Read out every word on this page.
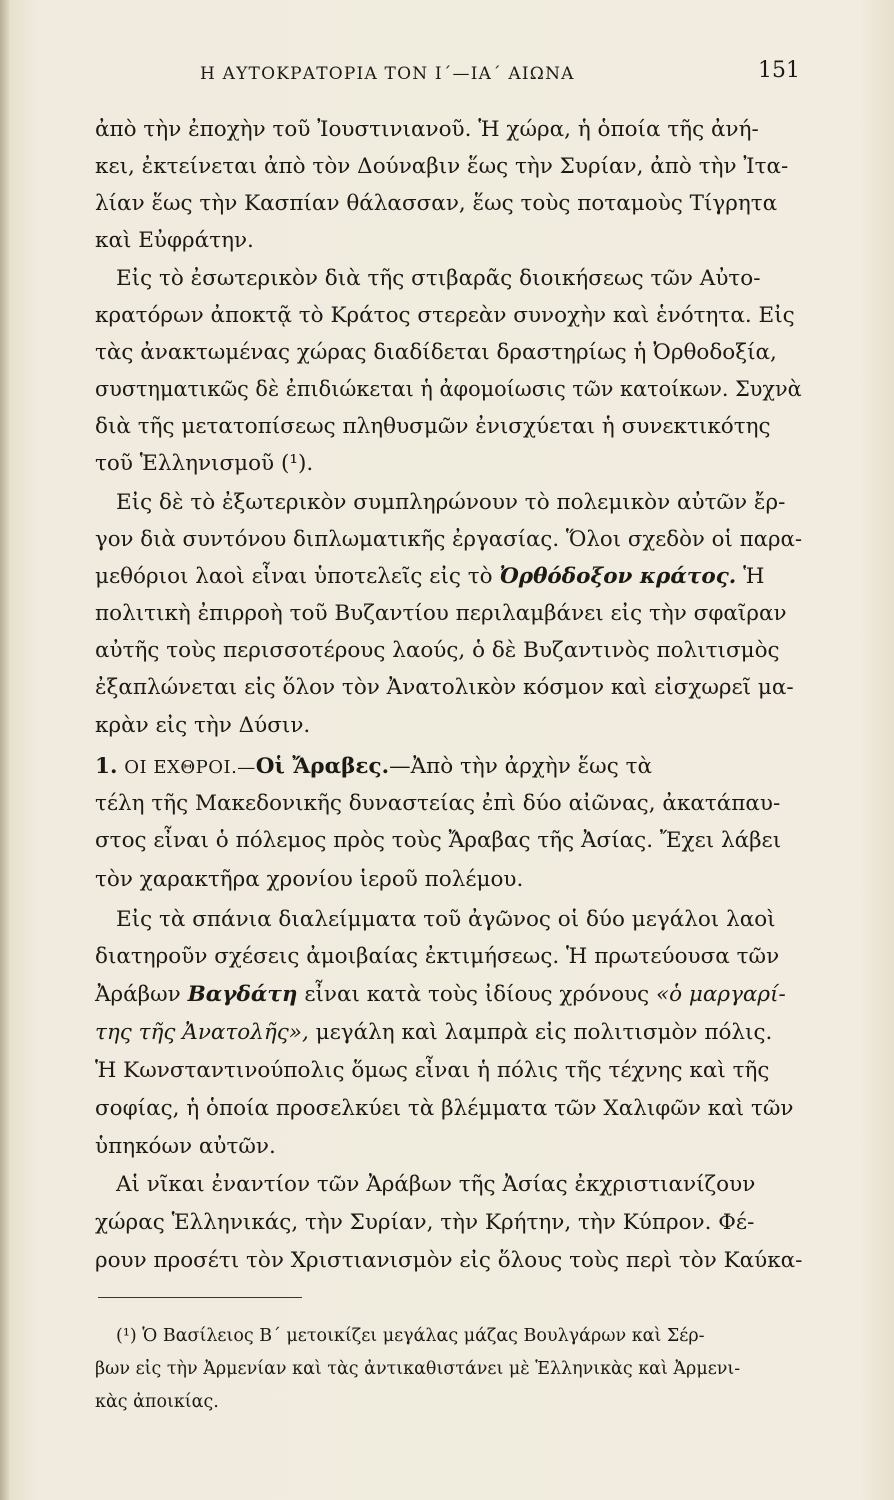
Η ΑΥΤΟΚΡΑΤΟΡΙΑ ΤΟΝ Ι΄—ΙΑ΄ ΑΙΩΝΑ	151
ἀπὸ τὴν ἐποχὴν τοῦ Ἰουστινιανοῦ. Ἡ χώρα, ἡ ὁποία τῆς ἀνή-
κει, ἐκτείνεται ἀπὸ τὸν Δούναβιν ἕως τὴν Συρίαν, ἀπὸ τὴν Ἰτα-
λίαν ἕως τὴν Κασπίαν θάλασσαν, ἕως τοὺς ποταμοὺς Τίγρητα
καὶ Εὐφράτην.
Εἰς τὸ ἐσωτερικὸν διὰ τῆς στιβαρᾶς διοικήσεως τῶν Αὐτο-
κρατόρων ἀποκτᾷ τὸ Κράτος στερεὰν συνοχὴν καὶ ἑνότητα. Εἰς
τὰς ἀνακτωμένας χώρας διαδίδεται δραστηρίως ἡ Ὀρθοδοξία,
συστηματικῶς δὲ ἐπιδιώκεται ἡ ἀφομοίωσις τῶν κατοίκων. Συχνὰ
διὰ τῆς μετατοπίσεως πληθυσμῶν ἐνισχύεται ἡ συνεκτικότης
τοῦ Ἑλληνισμοῦ (¹).
Εἰς δὲ τὸ ἐξωτερικὸν συμπληρώνουν τὸ πολεμικὸν αὐτῶν ἔρ-
γον διὰ συντόνου διπλωματικῆς ἐργασίας. Ὅλοι σχεδὸν οἱ παρα-
μεθόριοι λαοὶ εἶναι ὑποτελεῖς εἰς τὸ Ὀρθόδοξον κράτος. Ἡ
πολιτικὴ ἐπιρροὴ τοῦ Βυζαντίου περιλαμβάνει εἰς τὴν σφαῖραν
αὐτῆς τοὺς περισσοτέρους λαούς, ὁ δὲ Βυζαντινὸς πολιτισμὸς
ἐξαπλώνεται εἰς ὅλον τὸν Ἀνατολικὸν κόσμον καὶ εἰσχωρεῖ μα-
κρὰν εἰς τὴν Δύσιν.
1. ΟΙ ΕΧΘΡΟΙ.—Οἱ Ἄραβες.—Ἀπὸ τὴν ἀρχὴν ἕως τὰ
τέλη τῆς Μακεδονικῆς δυναστείας ἐπὶ δύο αἰῶνας, ἀκατάπαυ-
στος εἶναι ὁ πόλεμος πρὸς τοὺς Ἄραβας τῆς Ἀσίας. Ἔχει λάβει
τὸν χαρακτῆρα χρονίου ἱεροῦ πολέμου.
Εἰς τὰ σπάνια διαλείμματα τοῦ ἀγῶνος οἱ δύο μεγάλοι λαοὶ
διατηροῦν σχέσεις ἀμοιβαίας ἐκτιμήσεως. Ἡ πρωτεύουσα τῶν
Ἀράβων Βαγδάτη εἶναι κατὰ τοὺς ἰδίους χρόνους «ὁ μαργαρί-
της τῆς Ἀνατολῆς», μεγάλη καὶ λαμπρὰ εἰς πολιτισμὸν πόλις.
Ἡ Κωνσταντινούπολις ὅμως εἶναι ἡ πόλις τῆς τέχνης καὶ τῆς
σοφίας, ἡ ὁποία προσελκύει τὰ βλέμματα τῶν Χαλιφῶν καὶ τῶν
ὑπηκόων αὐτῶν.
Αἱ νῖκαι ἐναντίον τῶν Ἀράβων τῆς Ἀσίας ἐκχριστιανίζουν
χώρας Ἑλληνικάς, τὴν Συρίαν, τὴν Κρήτην, τὴν Κύπρον. Φέ-
ρουν προσέτι τὸν Χριστιανισμὸν εἰς ὅλους τοὺς περὶ τὸν Καύκα-
(¹) Ὁ Βασίλειος Β΄ μετοικίζει μεγάλας μάζας Βουλγάρων καὶ Σέρ-
βων εἰς τὴν Ἀρμενίαν καὶ τὰς ἀντικαθιστάνει μὲ Ἑλληνικὰς καὶ Ἀρμενι-
κὰς ἀποικίας.
